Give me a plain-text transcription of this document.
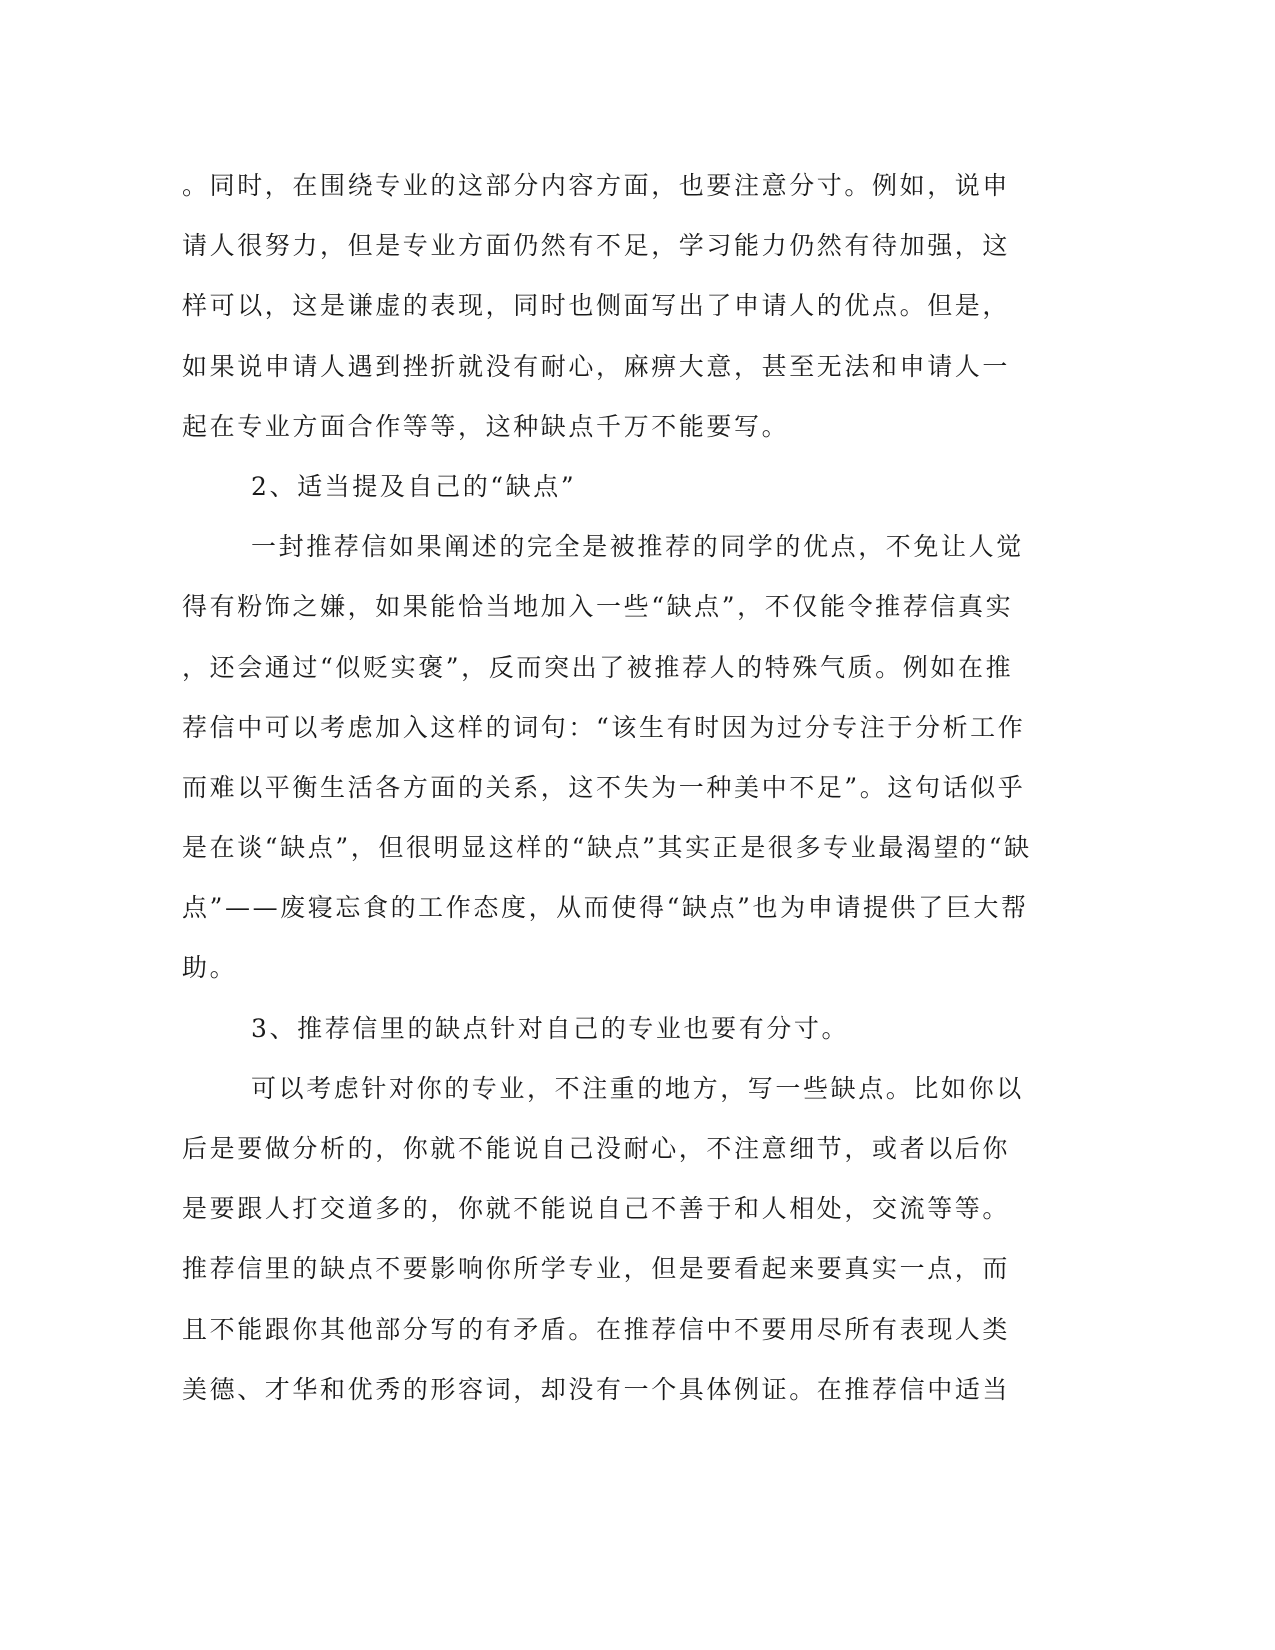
。同时，在围绕专业的这部分内容方面，也要注意分寸。例如，说申
请人很努力，但是专业方面仍然有不足，学习能力仍然有待加强，这
样可以，这是谦虚的表现，同时也侧面写出了申请人的优点。但是，
如果说申请人遇到挫折就没有耐心，麻痹大意，甚至无法和申请人一
起在专业方面合作等等，这种缺点千万不能要写。
2、适当提及自己的“缺点”
一封推荐信如果阐述的完全是被推荐的同学的优点，不免让人觉
得有粉饰之嫌，如果能恰当地加入一些“缺点”，不仅能令推荐信真实
，还会通过“似贬实褒”，反而突出了被推荐人的特殊气质。例如在推
荐信中可以考虑加入这样的词句：“该生有时因为过分专注于分析工作
而难以平衡生活各方面的关系，这不失为一种美中不足”。这句话似乎
是在谈“缺点”，但很明显这样的“缺点”其实正是很多专业最渴望的“缺
点”——废寝忘食的工作态度，从而使得“缺点”也为申请提供了巨大帮
助。
3、推荐信里的缺点针对自己的专业也要有分寸。
可以考虑针对你的专业，不注重的地方，写一些缺点。比如你以
后是要做分析的，你就不能说自己没耐心，不注意细节，或者以后你
是要跟人打交道多的，你就不能说自己不善于和人相处，交流等等。
推荐信里的缺点不要影响你所学专业，但是要看起来要真实一点，而
且不能跟你其他部分写的有矛盾。在推荐信中不要用尽所有表现人类
美德、才华和优秀的形容词，却没有一个具体例证。在推荐信中适当
